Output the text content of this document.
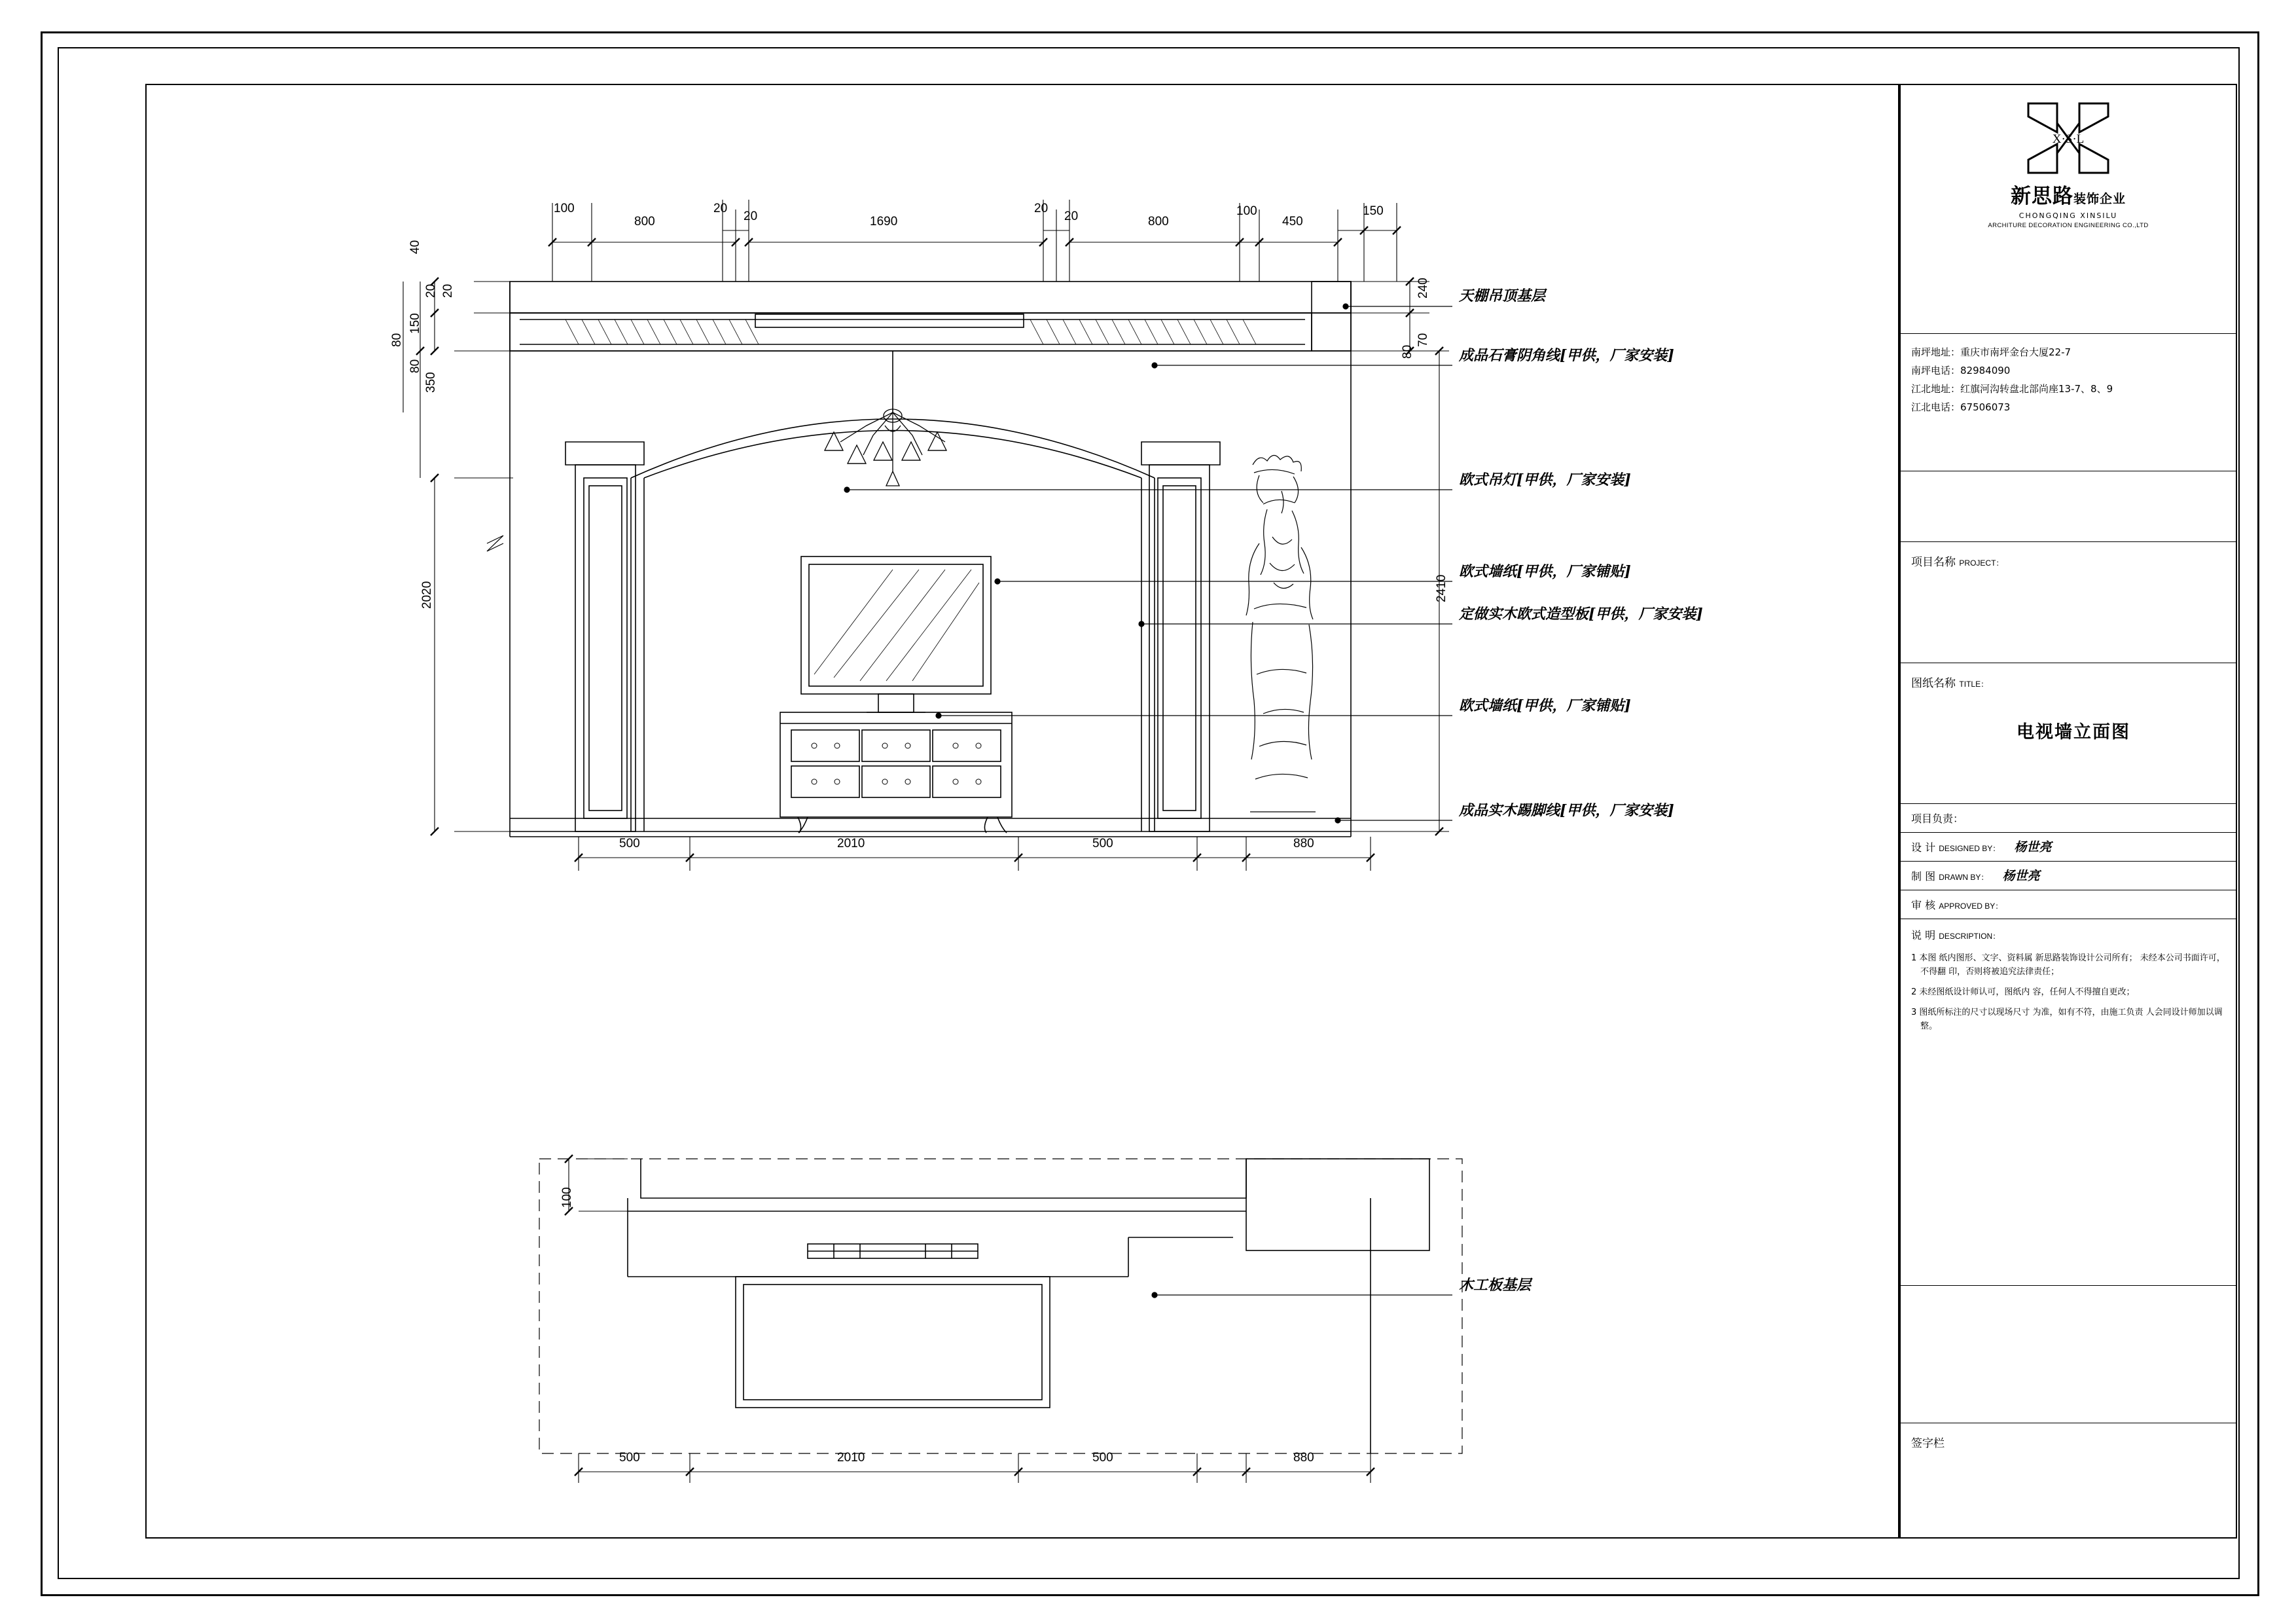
天棚吊顶基层
成品石膏阴角线[甲供，厂家安装]
欧式吊灯[甲供，厂家安装]
欧式墙纸[甲供，厂家铺贴]
定做实木欧式造型板[甲供，厂家安装]
欧式墙纸[甲供，厂家铺贴]
成品实木踢脚线[甲供，厂家安装]
木工板基层
100
800
20
20	1690
20
20	800
100
450
150
40
20
20
150
80
80
350
2020
240
70
80
2410
500	2010	500	880
100
500	2010	500	880
X·S·L
新思路装饰企业
CHONGQING XINSILU
ARCHITURE DECORATION ENGINEERING CO.,LTD
南坪地址：重庆市南坪金台大厦22-7
南坪电话：82984090
江北地址：红旗河沟转盘北部尚座13-7、8、9
江北电话：67506073
项目名称 PROJECT：
图纸名称 TITLE：
电视墙立面图
项目负责：
设 计 DESIGNED BY： 杨世亮
制 图 DRAWN BY： 杨世亮
审 核 APPROVED BY：
说 明 DESCRIPTION：
1 本图 纸内图形、文字、资料属 新思路装饰设计公司所有； 未经本公司书面许可，不得翻 印，否则将被追究法律责任；
2 未经图纸设计师认可，图纸内 容，任何人不得擅自更改；
3 图纸所标注的尺寸以现场尺寸 为准，如有不符，由施工负责 人会同设计师加以调整。
签字栏
